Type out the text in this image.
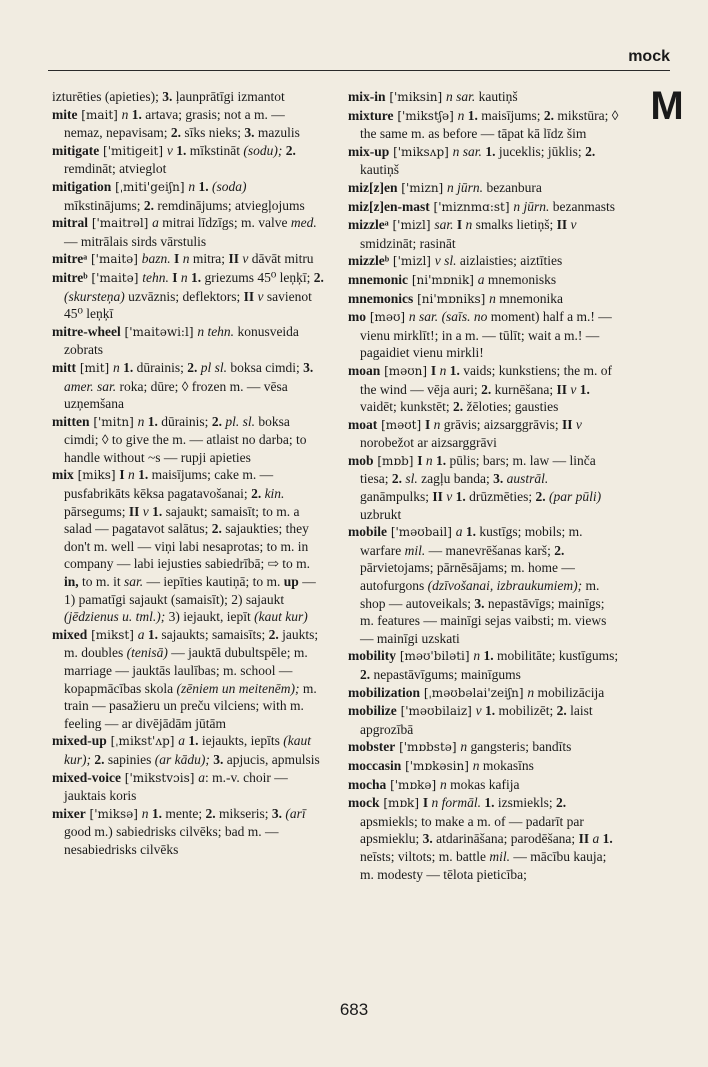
mock
M

izturēties (apieties); 3. ļaunprātīgi izmantot

mite [mait] n 1. artava; grasis; not a m. — nemaz, nepavisam; 2. sīks nieks; 3. mazulis

mitigate ['mitigeit] v 1. mīkstināt (sodu); 2. remdināt; atvieglot

mitigation [ˌmiti'geiʃn] n 1. (soda) mīkstinājums; 2. remdinājums; atviegļojums

mitral ['maitrəl] a mitrai līdzīgs; m. valve med. — mitrālais sirds vārstulis

mitreᵃ ['maitə] bazn. I n mitra; II v dāvāt mitru

mitreᵇ ['maitə] tehn. I n 1. griezums 45⁰ leņķī; 2. (skursteņa) uzvāznis; deflektors; II v savienot 45⁰ leņķī

mitre-wheel ['maitəwi:l] n tehn. konusveida zobrats

mitt [mit] n 1. dūrainis; 2. pl sl. boksa cimdi; 3. amer. sar. roka; dūre; ◊ frozen m. — vēsa uzņemšana

mitten ['mitn] n 1. dūrainis; 2. pl. sl. boksa cimdi; ◊ to give the m. — atlaist no darba; to handle without ~s — rupji apieties

mix [miks] I n 1. maisījums; cake m. — pusfabrikāts kēksa pagatavošanai; 2. kin. pārsegums; II v 1. sajaukt; samaisīt; to m. a salad — pagatavot salātus; 2. sajaukties; they don't m. well — viņi labi nesaprotas; to m. in company — labi iejusties sabiedrībā; ⇨ to m. in, to m. it sar. — iepīties kautiņā; to m. up — 1) pamatīgi sajaukt (samaisīt); 2) sajaukt (jēdzienus u. tml.); 3) iejaukt, iepīt (kaut kur)

mixed [mikst] a 1. sajaukts; samaisīts; 2. jaukts; m. doubles (tenisā) — jauktā dubultspēle; m. marriage — jauktās laulības; m. school — kopapmācības skola (zēniem un meitenēm); m. train — pasažieru un preču vilciens; with m. feeling — ar divējādām jūtām

mixed-up [ˌmikst'ʌp] a 1. iejaukts, iepīts (kaut kur); 2. sapinies (ar kādu); 3. apjucis, apmulsis

mixed-voice ['mikstvɔis] a: m.-v. choir — jauktais koris

mixer ['miksə] n 1. mente; 2. mikseris; 3. (arī good m.) sabiedrisks cilvēks; bad m. — nesabiedrisks cilvēks

mix-in ['miksin] n sar. kautiņš

mixture ['mikstʃə] n 1. maisījums; 2. mikstūra; ◊ the same m. as before — tāpat kā līdz šim

mix-up ['miksʌp] n sar. 1. juceklis; jūklis; 2. kautiņš

miz[z]en ['mizn] n jūrn. bezanbura

miz[z]en-mast ['miznmɑ:st] n jūrn. bezanmasts

mizzleᵃ ['mizl] sar. I n smalks lietiņš; II v smidzināt; rasināt

mizzleᵇ ['mizl] v sl. aizlaisties; aiztīties

mnemonic [ni'mɒnik] a mnemonisks

mnemonics [ni'mɒniks] n mnemonika

mo [məʊ] n sar. (saīs. no moment) half a m.! — vienu mirklīt!; in a m. — tūlīt; wait a m.! — pagaidiet vienu mirkli!

moan [məʊn] I n 1. vaids; kunkstiens; the m. of the wind — vēja auri; 2. kurnēšana; II v 1. vaidēt; kunkstēt; 2. žēloties; gausties

moat [məʊt] I n grāvis; aizsarggrāvis; II v norobežot ar aizsarggrāvi

mob [mɒb] I n 1. pūlis; bars; m. law — linča tiesa; 2. sl. zagļu banda; 3. austrāl. ganāmpulks; II v 1. drūzmēties; 2. (par pūli) uzbrukt

mobile ['məʊbail] a 1. kustīgs; mobils; m. warfare mil. — manevrēšanas karš; 2. pārvietojams; pārnēsājams; m. home — autofurgons (dzīvošanai, izbraukumiem); m. shop — autoveikals; 3. nepastāvīgs; mainīgs; m. features — mainīgi sejas vaibsti; m. views — mainīgi uzskati

mobility [məʊ'biləti] n 1. mobilitāte; kustīgums; 2. nepastāvīgums; mainīgums

mobilization [ˌməʊbəlai'zeiʃn] n mobilizācija

mobilize ['məʊbilaiz] v 1. mobilizēt; 2. laist apgrozībā

mobster ['mɒbstə] n gangsteris; bandīts

moccasin ['mɒkəsin] n mokasīns

mocha ['mɒkə] n mokas kafija

mock [mɒk] I n formāl. 1. izsmiekls; 2. apsmiekls; to make a m. of — padarīt par apsmieklu; 3. atdarināšana; parodēšana; II a 1. neīsts; viltots; m. battle mil. — mācību kauja; m. modesty — tēlota pieticība;

683
